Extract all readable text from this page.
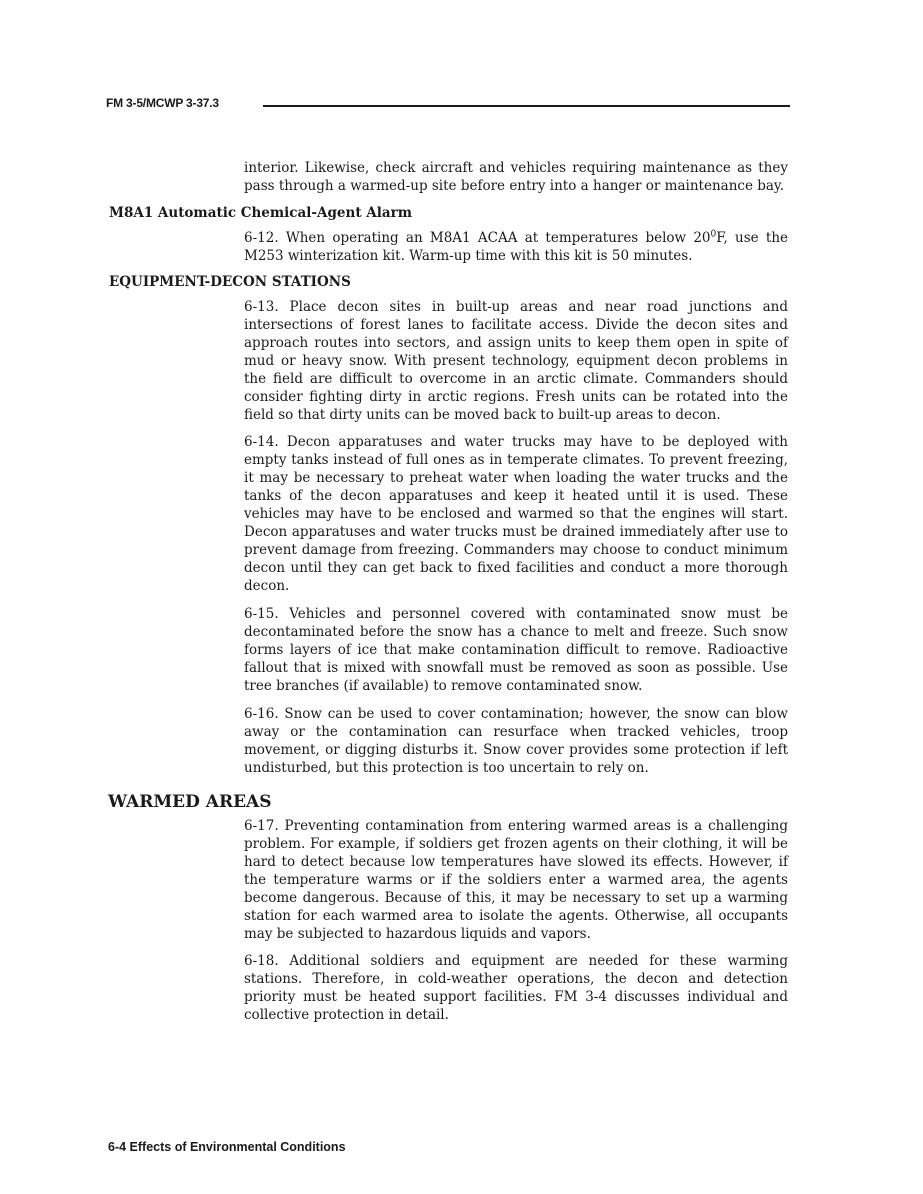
FM 3-5/MCWP 3-37.3

interior. Likewise, check aircraft and vehicles requiring maintenance as they pass through a warmed-up site before entry into a hanger or maintenance bay.

M8A1 Automatic Chemical-Agent Alarm

6-12. When operating an M8A1 ACAA at temperatures below $20^0F$, use the M253 winterization kit. Warm-up time with this kit is 50 minutes.

EQUIPMENT-DECON STATIONS

6-13. Place decon sites in built-up areas and near road junctions and intersections of forest lanes to facilitate access. Divide the decon sites and approach routes into sectors, and assign units to keep them open in spite of mud or heavy snow. With present technology, equipment decon problems in the field are difficult to overcome in an arctic climate. Commanders should consider fighting dirty in arctic regions. Fresh units can be rotated into the field so that dirty units can be moved back to built-up areas to decon.

6-14. Decon apparatuses and water trucks may have to be deployed with empty tanks instead of full ones as in temperate climates. To prevent freezing, it may be necessary to preheat water when loading the water trucks and the tanks of the decon apparatuses and keep it heated until it is used. These vehicles may have to be enclosed and warmed so that the engines will start. Decon apparatuses and water trucks must be drained immediately after use to prevent damage from freezing. Commanders may choose to conduct minimum decon until they can get back to fixed facilities and conduct a more thorough decon.

6-15. Vehicles and personnel covered with contaminated snow must be decontaminated before the snow has a chance to melt and freeze. Such snow forms layers of ice that make contamination difficult to remove. Radioactive fallout that is mixed with snowfall must be removed as soon as possible. Use tree branches (if available) to remove contaminated snow.

6-16. Snow can be used to cover contamination; however, the snow can blow away or the contamination can resurface when tracked vehicles, troop movement, or digging disturbs it. Snow cover provides some protection if left undisturbed, but this protection is too uncertain to rely on.

WARMED AREAS

6-17. Preventing contamination from entering warmed areas is a challenging problem. For example, if soldiers get frozen agents on their clothing, it will be hard to detect because low temperatures have slowed its effects. However, if the temperature warms or if the soldiers enter a warmed area, the agents become dangerous. Because of this, it may be necessary to set up a warming station for each warmed area to isolate the agents. Otherwise, all occupants may be subjected to hazardous liquids and vapors.

6-18. Additional soldiers and equipment are needed for these warming stations. Therefore, in cold-weather operations, the decon and detection priority must be heated support facilities. FM 3-4 discusses individual and collective protection in detail.

6-4 Effects of Environmental Conditions
